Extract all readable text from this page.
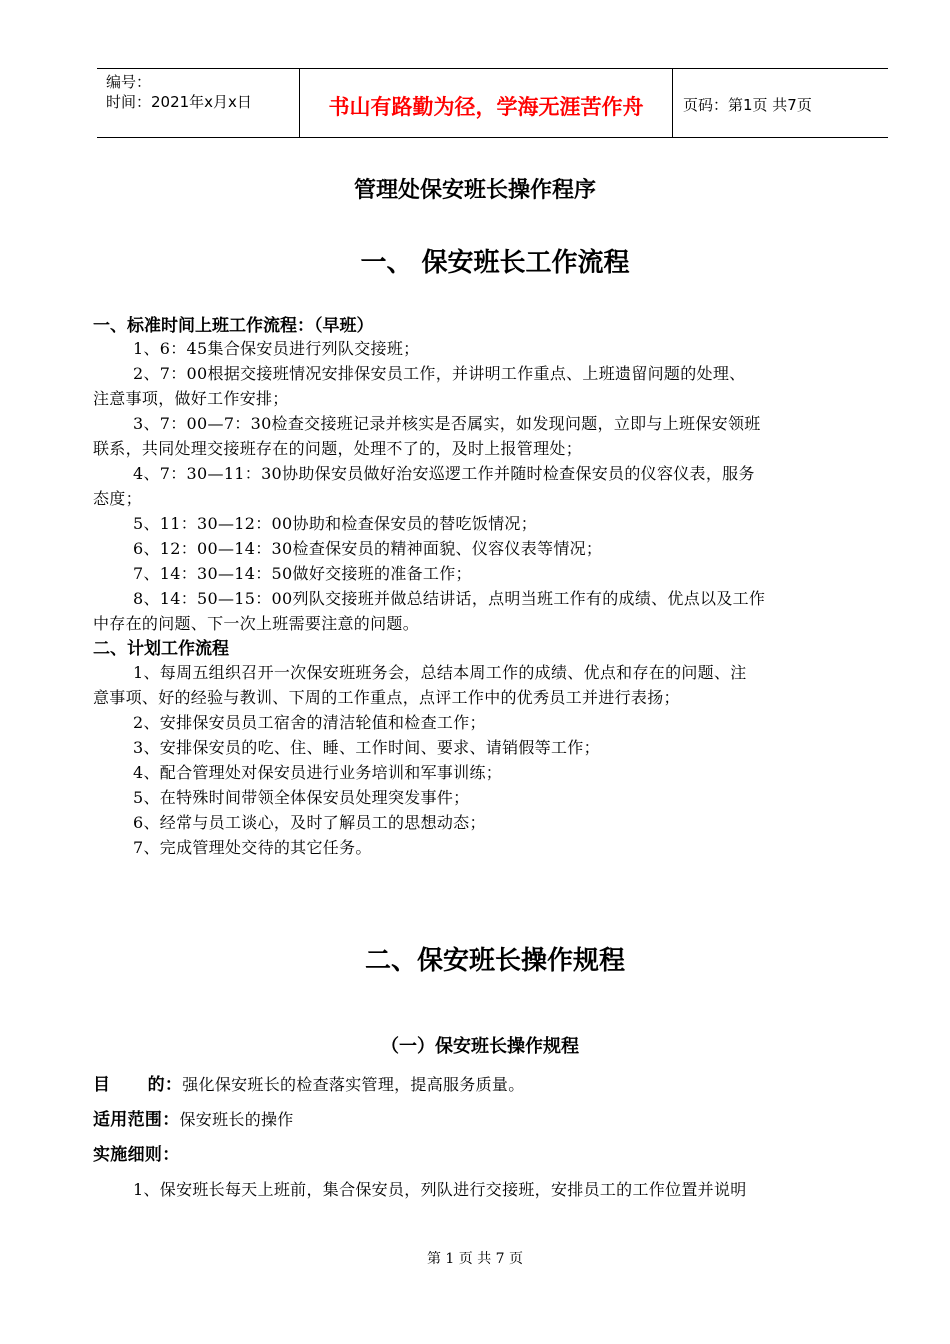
编号：
时间：2021年x月x日	书山有路勤为径，学海无涯苦作舟	页码：第1页 共7页
管理处保安班长操作程序
一、 保安班长工作流程
一、标准时间上班工作流程：（早班）
1、6：45集合保安员进行列队交接班；
2、7：00根据交接班情况安排保安员工作，并讲明工作重点、上班遗留问题的处理、
注意事项，做好工作安排；
3、7：00—7：30检查交接班记录并核实是否属实，如发现问题，立即与上班保安领班
联系，共同处理交接班存在的问题，处理不了的，及时上报管理处；
4、7：30—11：30协助保安员做好治安巡逻工作并随时检查保安员的仪容仪表，服务
态度；
5、11：30—12：00协助和检查保安员的替吃饭情况；
6、12：00—14：30检查保安员的精神面貌、仪容仪表等情况；
7、14：30—14：50做好交接班的准备工作；
8、14：50—15：00列队交接班并做总结讲话，点明当班工作有的成绩、优点以及工作
中存在的问题、下一次上班需要注意的问题。
二、计划工作流程
1、每周五组织召开一次保安班班务会，总结本周工作的成绩、优点和存在的问题、注
意事项、好的经验与教训、下周的工作重点，点评工作中的优秀员工并进行表扬；
2、安排保安员员工宿舍的清洁轮值和检查工作；
3、安排保安员的吃、住、睡、工作时间、要求、请销假等工作；
4、配合管理处对保安员进行业务培训和军事训练；
5、在特殊时间带领全体保安员处理突发事件；
6、经常与员工谈心，及时了解员工的思想动态；
7、完成管理处交待的其它任务。
二、保安班长操作规程
（一）保安班长操作规程
目      的：强化保安班长的检查落实管理，提高服务质量。
适用范围：保安班长的操作
实施细则：
1、保安班长每天上班前，集合保安员，列队进行交接班，安排员工的工作位置并说明
第 1 页 共 7 页
